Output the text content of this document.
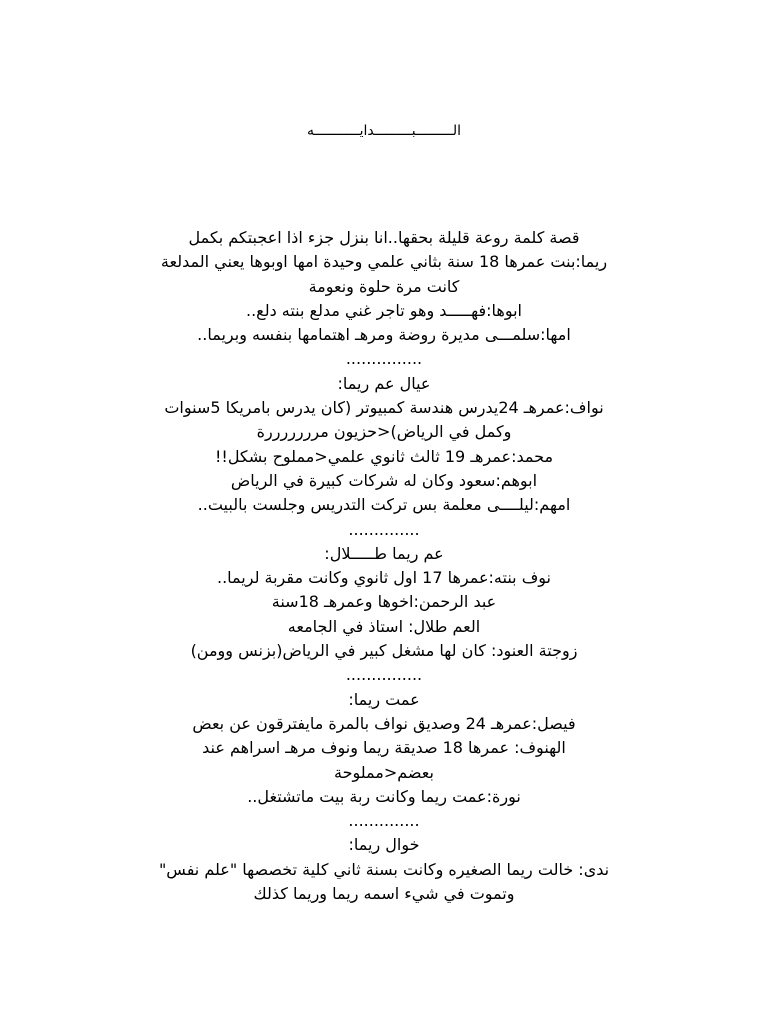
الـــــــــبـــــــــدايـــــــــــه
قصة كلمة روعة قليلة بحقها..انا بنزل جزء اذا اعجبتكم بكمل
ريما:بنت عمرها 18 سنة بثاني علمي وحيدة امها اوبوها يعني المدلعة
كانت مرة حلوة ونعومة
ابوها:فهـــــد وهو تاجر غني مدلع بنته دلع..
امها:سلمـــى مديرة روضة ومرهـ اهتمامها بنفسه وبريما..
...............
عيال عم ريما:
نواف:عمرهـ 24يدرس هندسة كمبيوتر (كان يدرس بامريكا 5سنوات
وكمل في الرياض)<حزيون مرررررررة
محمد:عمرهـ 19 ثالث ثانوي علمي<مملوح بشكل!!
ابوهم:سعود وكان له شركات كبيرة في الرياض
امهم:ليلــــى معلمة بس تركت التدريس وجلست بالبيت..
..............
عم ريما طـــــلال:
نوف بنته:عمرها 17 اول ثانوي وكانت مقربة لريما..
عبد الرحمن:اخوها وعمرهـ 18سنة
العم طلال: استاذ في الجامعه
زوجتة العنود: كان لها مشغل كبير في الرياض(بزنس وومن)
...............
عمت ريما:
فيصل:عمرهـ 24 وصديق نواف بالمرة مايفترقون عن بعض
الهنوف: عمرها 18 صديقة ريما ونوف مرهـ اسراهم عند
بعضم<مملوحة
نورة:عمت ريما وكانت ربة بيت ماتشتغل..
..............
خوال ريما:
ندى: خالت ريما الصغيره وكانت بسنة ثاني كلية تخصصها "علم نفس"
وتموت في شيء اسمه ريما وريما كذلك
